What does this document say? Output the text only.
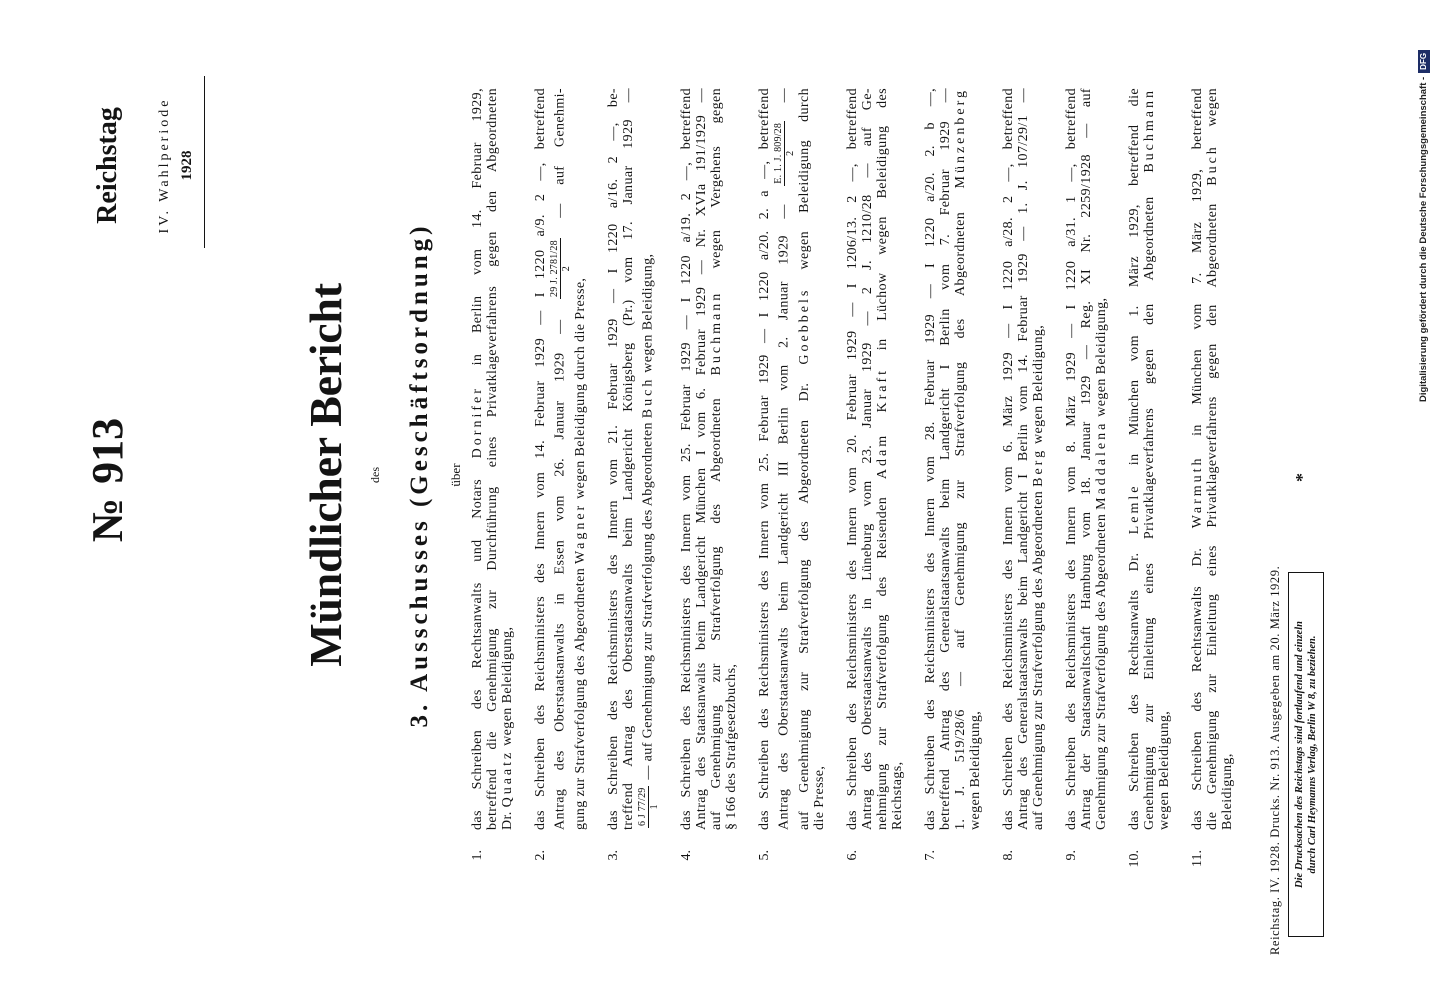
№913
Reichstag IV. Wahlperiode 1928
Mündlicher Bericht	des 3. Ausschusses (Geschäftsordnung)	über
1.
das Schreiben des Rechtsanwalts und Notars Dornifer in Berlin vom 14. Februar 1929, betreffend die Genehmigung zur Durchführung eines Privatklageverfahrens gegen den Abgeordneten Dr. Quaatz wegen Beleidigung,
2.
das Schreiben des Reichsministers des Innern vom 14. Februar 1929 — I 1220 a/9. 2 —, betreffend Antrag des Oberstaatsanwalts in Essen vom 26. Januar 1929 —
29 J. 2781/28 2
— auf Genehmi-
gung zur Strafverfolgung des Abgeordneten Wagner wegen Beleidigung durch die Presse,
3.
das Schreiben des Reichsministers des Innern vom 21. Februar 1929 — I 1220 a/16. 2 —, be- treffend Antrag des Oberstaatsanwalts beim Landgericht Königsberg (Pr.) vom 17. Januar 1929 — 6 J 77/29 1
— auf Genehmigung zur Strafverfolgung des Abgeordneten Buch wegen Beleidigung,
4.
das Schreiben des Reichsministers des Innern vom 25. Februar 1929 — I 1220 a/19. 2 —, betreffend Antrag des Staatsanwalts beim Landgericht München I vom 6. Februar 1929 — Nr. XVIa 191/1929 — auf Genehmigung zur Strafverfolgung des Abgeordneten Buchmann wegen Vergehens gegen
§ 166 des Strafgesetzbuchs,
5.
das Schreiben des Reichsministers des Innern vom 25. Februar 1929 — I 1220 a/20. 2. a —, betreffend Antrag des Oberstaatsanwalts beim Landgericht III Berlin vom 2. Januar 1929 —
E. 1. J. 809/28 2
—
auf Genehmigung zur Strafverfolgung des Abgeordneten Dr. Goebbels wegen Beleidigung durch
die Presse,
6.
das Schreiben des Reichsministers des Innern vom 20. Februar 1929 — I 1206/13. 2 —, betreffend Antrag des Oberstaatsanwalts in Lüneburg vom 23. Januar 1929 — 2 J. 1210/28 — auf Ge- nehmigung zur Strafverfolgung des Reisenden Adam Kraft in Lüchow wegen Beleidigung des
Reichstags,
7.
das Schreiben des Reichsministers des Innern vom 28. Februar 1929 — I 1220 a/20. 2. b —, betreffend Antrag des Generalstaatsanwalts beim Landgericht I Berlin vom 7. Februar 1929 — 1. J. 519/28/6 — auf Genehmigung zur Strafverfolgung des Abgeordneten Münzenberg
wegen Beleidigung,
8.
das Schreiben des Reichsministers des Innern vom 6. März 1929 — I 1220 a/28. 2 —, betreffend Antrag des Generalstaatsanwalts beim Landgericht I Berlin vom 14. Februar 1929 — 1. J. 107/29/1 — auf Genehmigung zur Strafverfolgung des Abgeordneten Berg wegen Beleidigung,
9.
das Schreiben des Reichsministers des Innern vom 8. März 1929 — I 1220 a/31. 1 —, betreffend Antrag der Staatsanwaltschaft Hamburg vom 18. Januar 1929 — Reg. XI Nr. 2259/1928 — auf Genehmigung zur Strafverfolgung des Abgeordneten Maddalena wegen Beleidigung,
10.
das Schreiben des Rechtsanwalts Dr. Lemle in München vom 1. März 1929, betreffend die Genehmigung zur Einleitung eines Privatklageverfahrens gegen den Abgeordneten Buchmann
wegen Beleidigung,
11.
das Schreiben des Rechtsanwalts Dr. Warmuth in München vom 7. März 1929, betreffend die Genehmigung zur Einleitung eines Privatklageverfahrens gegen den Abgeordneten Buch wegen
Beleidigung,	Reichstag. IV. 1928. Drucks. Nr. 913. Ausgegeben am 20. März 1929.
*
Die Drucksachen des Reichstags sind fortlaufend und einzeln durch Carl Heymanns Verlag, Berlin W 8, zu beziehen.
Digitalisierung gefördert durch die Deutsche Forschungsgemeinschaft -
DFG
